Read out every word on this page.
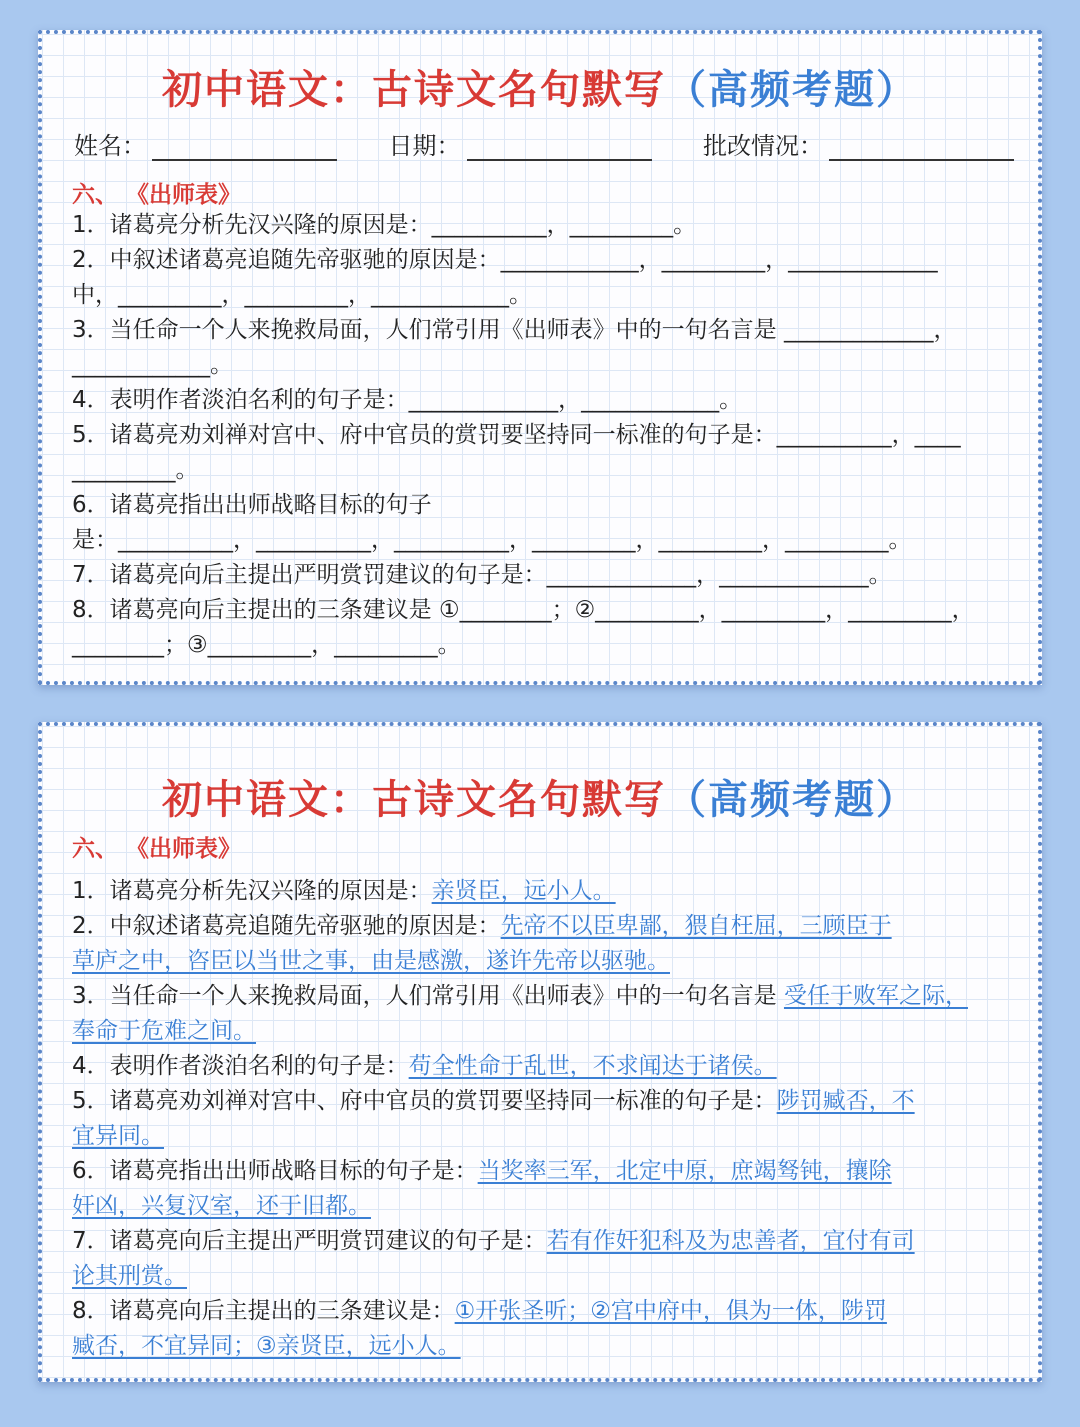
初中语文：古诗文名句默写（高频考题）
姓名：	日期：	批改情况：
六、 《出师表》
1．诸葛亮分析先汉兴隆的原因是：__________，_________。
2．中叙述诸葛亮追随先帝驱驰的原因是：____________，_________，_____________
中，_________，_________，____________。
3．当任命一个人来挽救局面，人们常引用《出师表》中的一句名言是 _____________，
____________。
4．表明作者淡泊名利的句子是：_____________，____________。
5．诸葛亮劝刘禅对宫中、府中官员的赏罚要坚持同一标准的句子是：__________，____
_________。
6．诸葛亮指出出师战略目标的句子
是：__________，__________，__________，_________，_________，_________。
7．诸葛亮向后主提出严明赏罚建议的句子是：_____________，_____________。
8．诸葛亮向后主提出的三条建议是 ①________；②_________，_________，_________，
________；③_________，_________。
初中语文：古诗文名句默写（高频考题）
六、 《出师表》
1．诸葛亮分析先汉兴隆的原因是：亲贤臣，远小人。
2．中叙述诸葛亮追随先帝驱驰的原因是：先帝不以臣卑鄙，猥自枉屈，三顾臣于
草庐之中，咨臣以当世之事，由是感激，遂许先帝以驱驰。
3．当任命一个人来挽救局面，人们常引用《出师表》中的一句名言是 受任于败军之际，
奉命于危难之间。
4．表明作者淡泊名利的句子是：苟全性命于乱世，不求闻达于诸侯。
5．诸葛亮劝刘禅对宫中、府中官员的赏罚要坚持同一标准的句子是：陟罚臧否，不
宜异同。
6．诸葛亮指出出师战略目标的句子是：当奖率三军，北定中原，庶竭驽钝，攘除
奸凶，兴复汉室，还于旧都。
7．诸葛亮向后主提出严明赏罚建议的句子是：若有作奸犯科及为忠善者，宜付有司
论其刑赏。
8．诸葛亮向后主提出的三条建议是：①开张圣听；②宫中府中，俱为一体，陟罚
臧否，不宜异同；③亲贤臣，远小人。
